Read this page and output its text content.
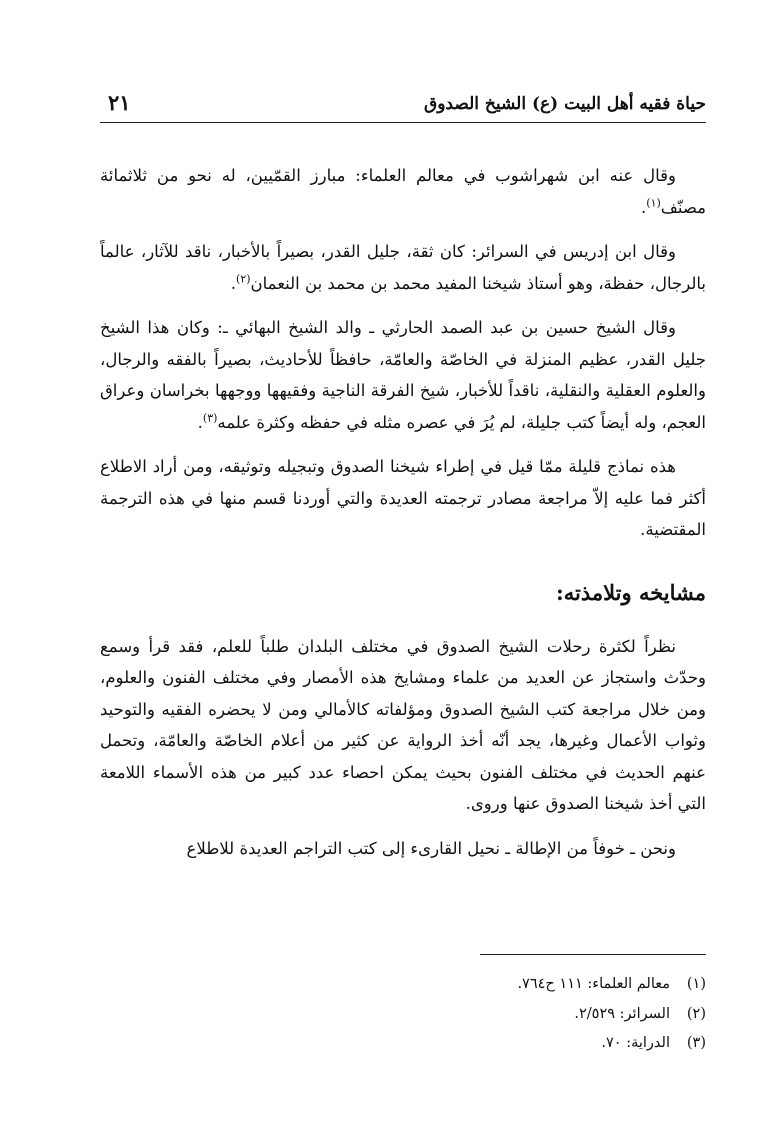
حياة فقيه أهل البيت (ع) الشيخ الصدوق
٢١

وقال عنه ابن شهراشوب في معالم العلماء: مبارز القمّيين، له نحو من ثلاثمائة مصنّف$^{(١)}$.

وقال ابن إدريس في السرائر: كان ثقة، جليل القدر، بصيراً بالأخبار، ناقد للآثار، عالماً بالرجال، حفظة، وهو أستاذ شيخنا المفيد محمد بن محمد بن النعمان$^{(٢)}$.

وقال الشيخ حسين بن عبد الصمد الحارثي ـ والد الشيخ البهائي ـ: وكان هذا الشيخ جليل القدر، عظيم المنزلة في الخاصّة والعامّة، حافظاً للأحاديث، بصيراً بالفقه والرجال، والعلوم العقلية والنقلية، ناقداً للأخبار، شيخ الفرقة الناجية وفقيهها ووجهها بخراسان وعراق العجم، وله أيضاً كتب جليلة، لم يُرَ في عصره مثله في حفظه وكثرة علمه$^{(٣)}$.

هذه نماذج قليلة ممّا قيل في إطراء شيخنا الصدوق وتبجيله وتوثيقه، ومن أراد الاطلاع أكثر فما عليه إلاّ مراجعة مصادر ترجمته العديدة والتي أوردنا قسم منها في هذه الترجمة المقتضية.

مشايخه وتلامذته:

نظراً لكثرة رحلات الشيخ الصدوق في مختلف البلدان طلباً للعلم، فقد قرأ وسمع وحدّث واستجاز عن العديد من علماء ومشايخ هذه الأمصار وفي مختلف الفنون والعلوم، ومن خلال مراجعة كتب الشيخ الصدوق ومؤلفاته كالأمالي ومن لا يحضره الفقيه والتوحيد وثواب الأعمال وغيرها، يجد أنّه أخذ الرواية عن كثير من أعلام الخاصّة والعامّة، وتحمل عنهم الحديث في مختلف الفنون بحيث يمكن احصاء عدد كبير من هذه الأسماء اللامعة التي أخذ شيخنا الصدوق عنها وروى.

ونحن ـ خوفاً من الإطالة ـ نحيل القارىء إلى كتب التراجم العديدة للاطلاع

(١)معالم العلماء: ١١١ ح٧٦٤.
(٢)السرائر: ٢/٥٢٩.
(٣)الدراية: ٧٠.
